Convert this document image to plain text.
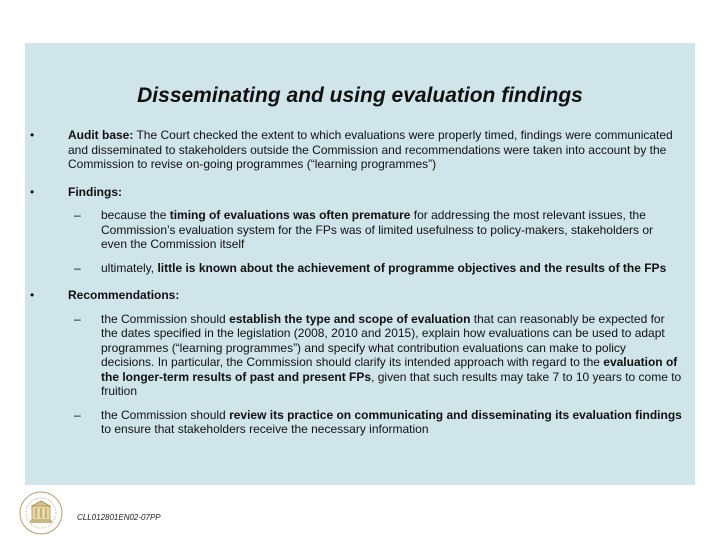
Disseminating and using evaluation findings
•	Audit base: The Court checked the extent to which evaluations were properly timed, findings were communicated and disseminated to stakeholders outside the Commission and recommendations were taken into account by the Commission to revise on-going programmes (“learning programmes”)
•	Findings:
– because the timing of evaluations was often premature for addressing the most relevant issues, the Commission’s evaluation system for the FPs was of limited usefulness to policy-makers, stakeholders or even the Commission itself
– ultimately, little is known about the achievement of programme objectives and the results of the FPs
•	Recommendations:
– the Commission should establish the type and scope of evaluation that can reasonably be expected for the dates specified in the legislation (2008, 2010 and 2015), explain how evaluations can be used to adapt programmes (“learning programmes”) and specify what contribution evaluations can make to policy decisions. In particular, the Commission should clarify its intended approach with regard to the evaluation of the longer-term results of past and present FPs, given that such results may take 7 to 10 years to come to fruition
– the Commission should review its practice on communicating and disseminating its evaluation findings to ensure that stakeholders receive the necessary information
CLL012801EN02-07PP
